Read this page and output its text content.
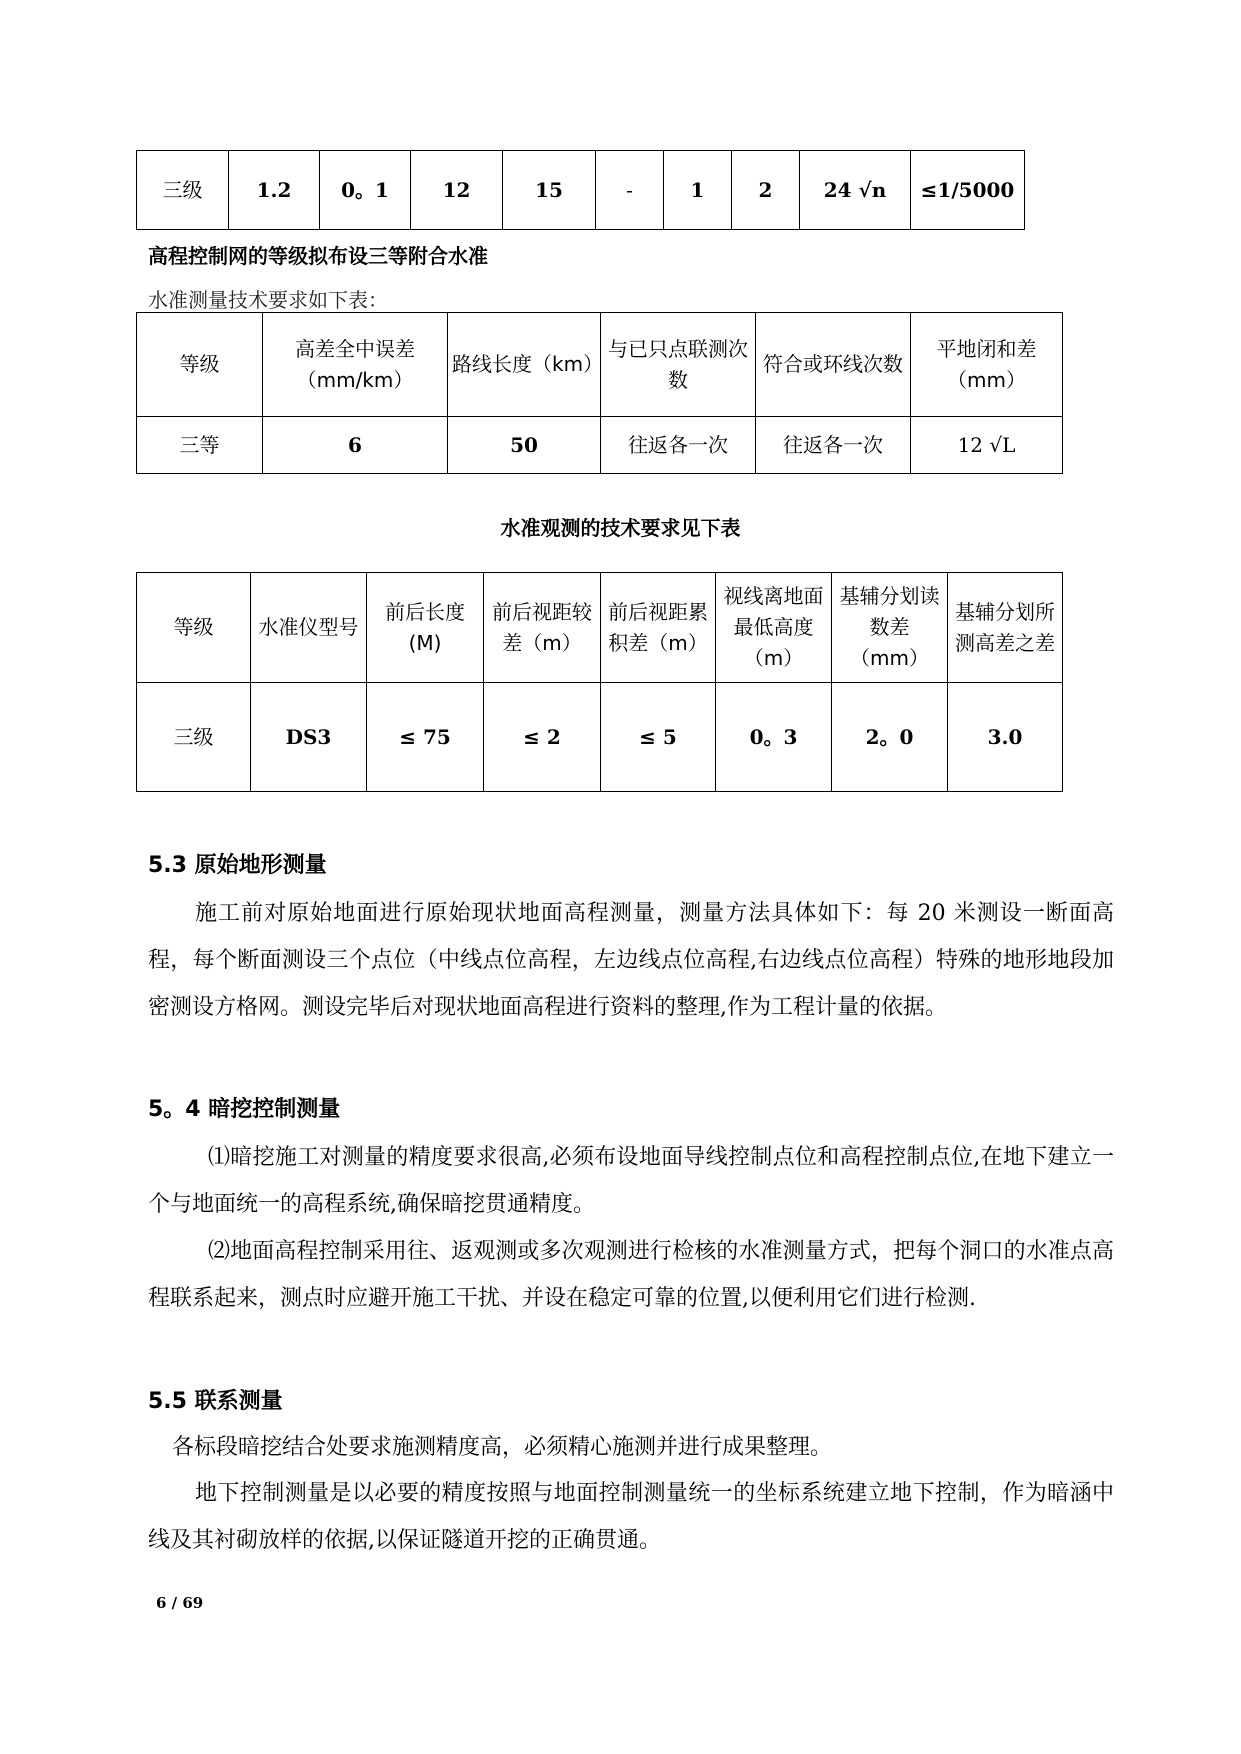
三级	1.2	0。1	12	15	-	1	2	24 √n	≤1/5000
高程控制网的等级拟布设三等附合水准
水准测量技术要求如下表：
等级	高差全中误差（mm/km）	路线长度（km）	与已只点联测次数	符合或环线次数	平地闭和差（mm）
三等	6	50	往返各一次	往返各一次	12 √L
水准观测的技术要求见下表
等级	水准仪型号	前后长度(M)	前后视距较差（m）	前后视距累积差（m）	视线离地面最低高度（m）	基辅分划读数差（mm）	基辅分划所测高差之差
三级	DS3	≤ 75	≤ 2	≤ 5	0。3	2。0	3.0
5.3 原始地形测量
施工前对原始地面进行原始现状地面高程测量，测量方法具体如下：每 20 米测设一断面高程，每个断面测设三个点位（中线点位高程，左边线点位高程,右边线点位高程）特殊的地形地段加密测设方格网。测设完毕后对现状地面高程进行资料的整理,作为工程计量的依据。
5。4 暗挖控制测量
⑴暗挖施工对测量的精度要求很高,必须布设地面导线控制点位和高程控制点位,在地下建立一个与地面统一的高程系统,确保暗挖贯通精度。
⑵地面高程控制采用往、返观测或多次观测进行检核的水准测量方式，把每个洞口的水准点高程联系起来，测点时应避开施工干扰、并设在稳定可靠的位置,以便利用它们进行检测.
5.5 联系测量
各标段暗挖结合处要求施测精度高，必须精心施测并进行成果整理。
地下控制测量是以必要的精度按照与地面控制测量统一的坐标系统建立地下控制，作为暗涵中线及其衬砌放样的依据,以保证隧道开挖的正确贯通。
6 / 69
